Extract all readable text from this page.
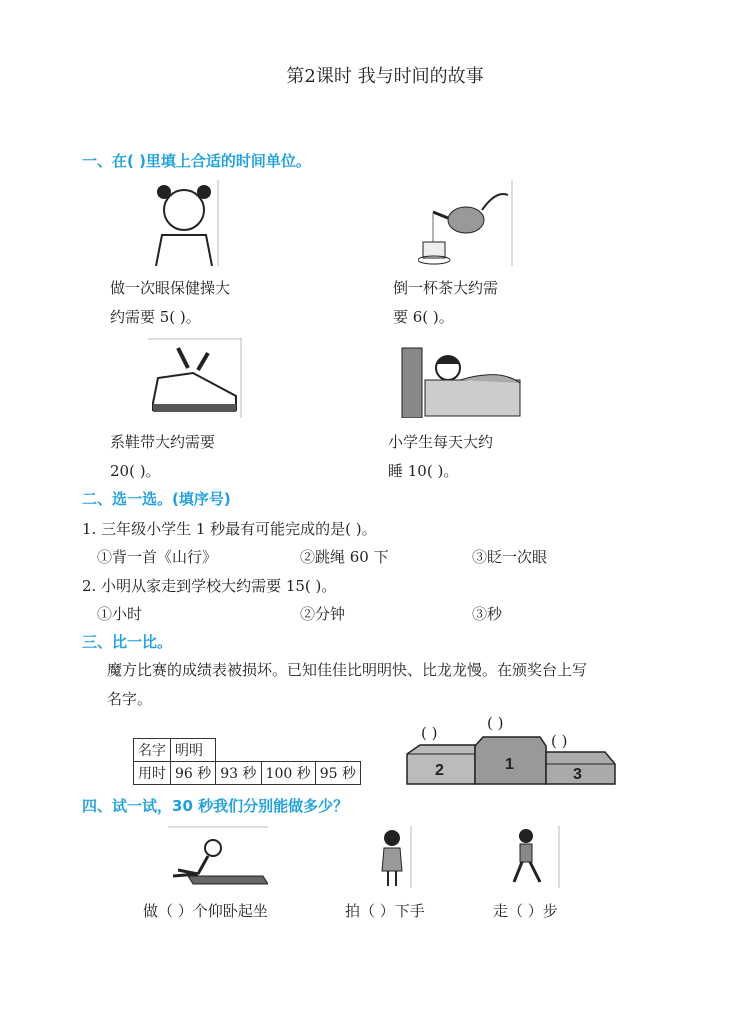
第2课时 我与时间的故事
一、在( )里填上合适的时间单位。
做一次眼保健操大
约需要 5( )。
倒一杯茶大约需
要 6( )。
系鞋带大约需要
20( )。
小学生每天大约
睡 10( )。
二、选一选。(填序号)
1. 三年级小学生 1 秒最有可能完成的是( )。
①背一首《山行》	②跳绳 60 下	③眨一次眼
2. 小明从家走到学校大约需要 15( )。
①小时	②分钟	③秒
三、比一比。
魔方比赛的成绩表被损坏。已知佳佳比明明快、比龙龙慢。在颁奖台上写
名字。
名字	明明			
用时	96 秒	93 秒	100 秒	95 秒
( )
( )
( )
2	1
3
四、试一试，30 秒我们分别能做多少？
做（ ）个仰卧起坐	拍（ ）下手	走（ ）步
